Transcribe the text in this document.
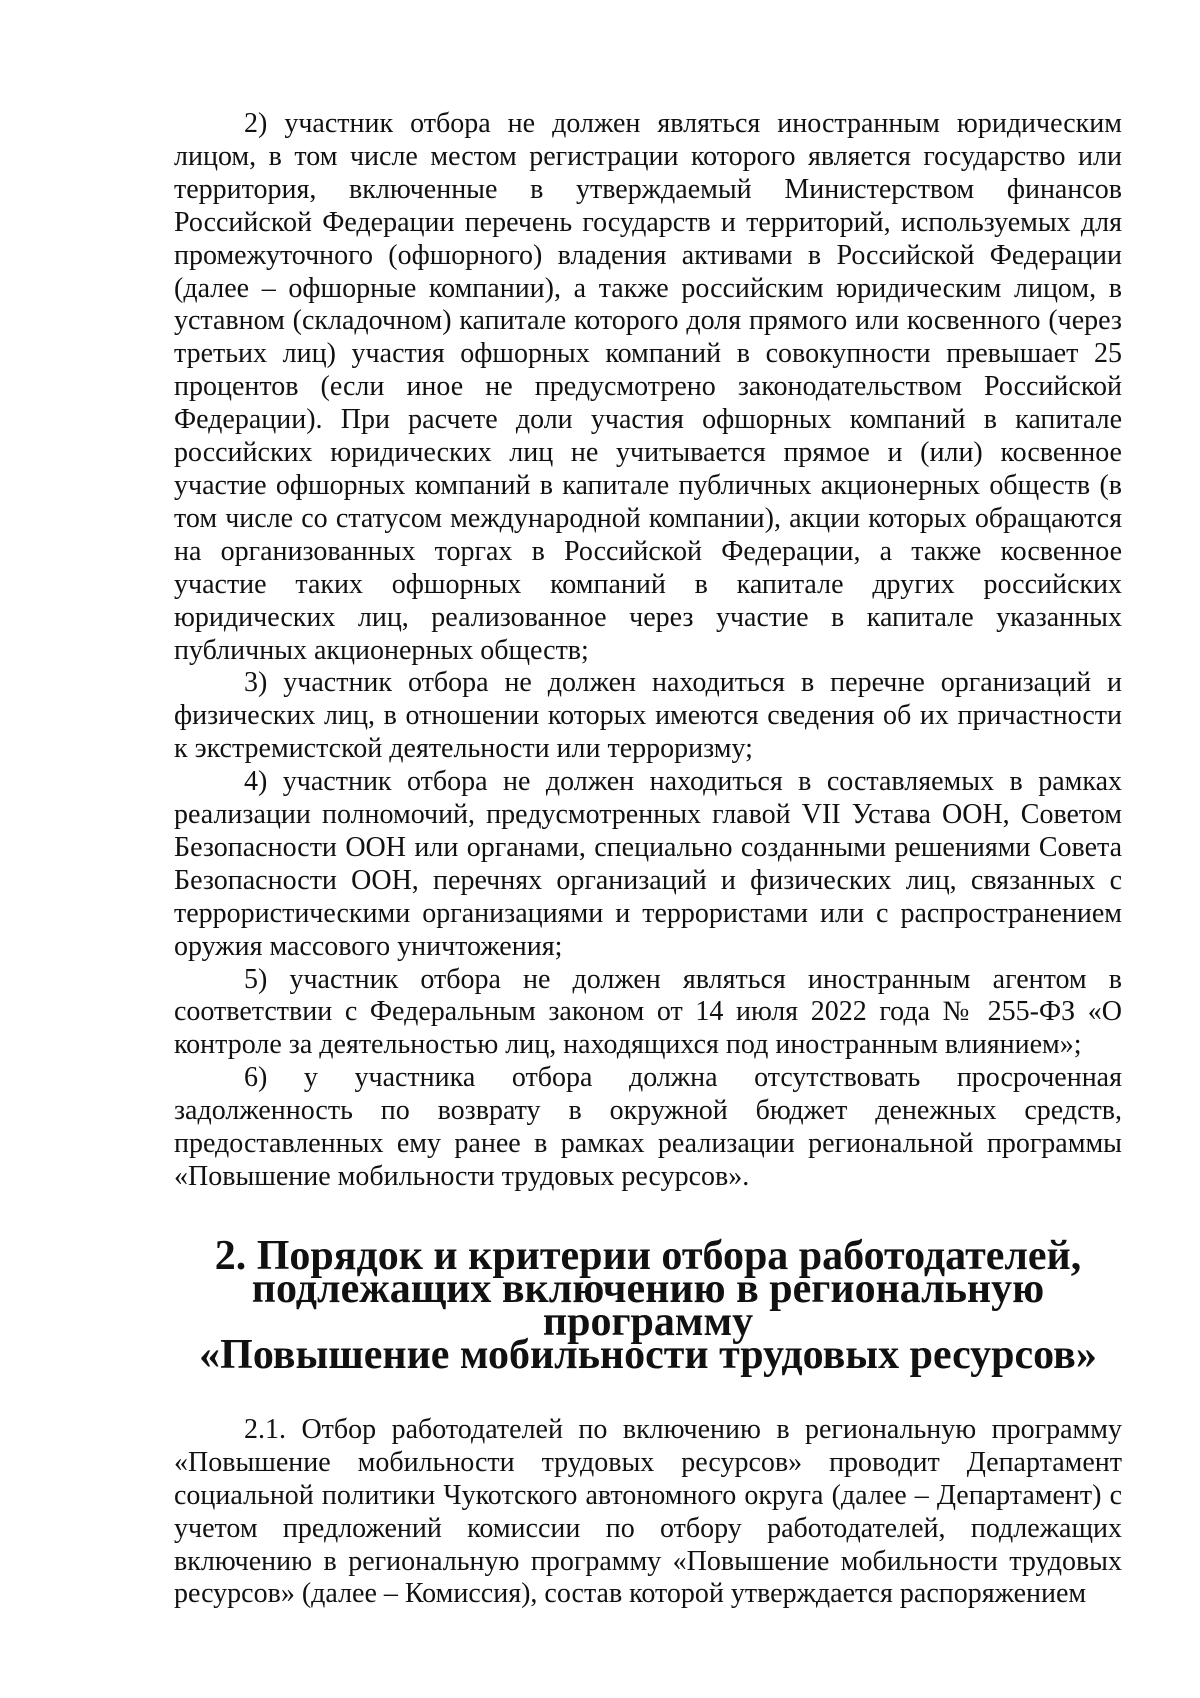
2) участник отбора не должен являться иностранным юридическим лицом, в том числе местом регистрации которого является государство или территория, включенные в утверждаемый Министерством финансов Российской Федерации перечень государств и территорий, используемых для промежуточного (офшорного) владения активами в Российской Федерации (далее – офшорные компании), а также российским юридическим лицом, в уставном (складочном) капитале которого доля прямого или косвенного (через третьих лиц) участия офшорных компаний в совокупности превышает 25 процентов (если иное не предусмотрено законодательством Российской Федерации). При расчете доли участия офшорных компаний в капитале российских юридических лиц не учитывается прямое и (или) косвенное участие офшорных компаний в капитале публичных акционерных обществ (в том числе со статусом международной компании), акции которых обращаются на организованных торгах в Российской Федерации, а также косвенное участие таких офшорных компаний в капитале других российских юридических лиц, реализованное через участие в капитале указанных публичных акционерных обществ;

3) участник отбора не должен находиться в перечне организаций и физических лиц, в отношении которых имеются сведения об их причастности к экстремистской деятельности или терроризму;

4) участник отбора не должен находиться в составляемых в рамках реализации полномочий, предусмотренных главой VII Устава ООН, Советом Безопасности ООН или органами, специально созданными решениями Совета Безопасности ООН, перечнях организаций и физических лиц, связанных с террористическими организациями и террористами или с распространением оружия массового уничтожения;

5) участник отбора не должен являться иностранным агентом в соответствии с Федеральным законом от 14 июля 2022 года № 255-ФЗ «О контроле за деятельностью лиц, находящихся под иностранным влиянием»;

6) у участника отбора должна отсутствовать просроченная задолженность по возврату в окружной бюджет денежных средств, предоставленных ему ранее в рамках реализации региональной программы «Повышение мобильности трудовых ресурсов».

2. Порядок и критерии отбора работодателей,
подлежащих включению в региональную программу
«Повышение мобильности трудовых ресурсов»

2.1. Отбор работодателей по включению в региональную программу «Повышение мобильности трудовых ресурсов» проводит Департамент социальной политики Чукотского автономного округа (далее – Департамент) с учетом предложений комиссии по отбору работодателей, подлежащих включению в региональную программу «Повышение мобильности трудовых ресурсов» (далее – Комиссия), состав которой утверждается распоряжением
